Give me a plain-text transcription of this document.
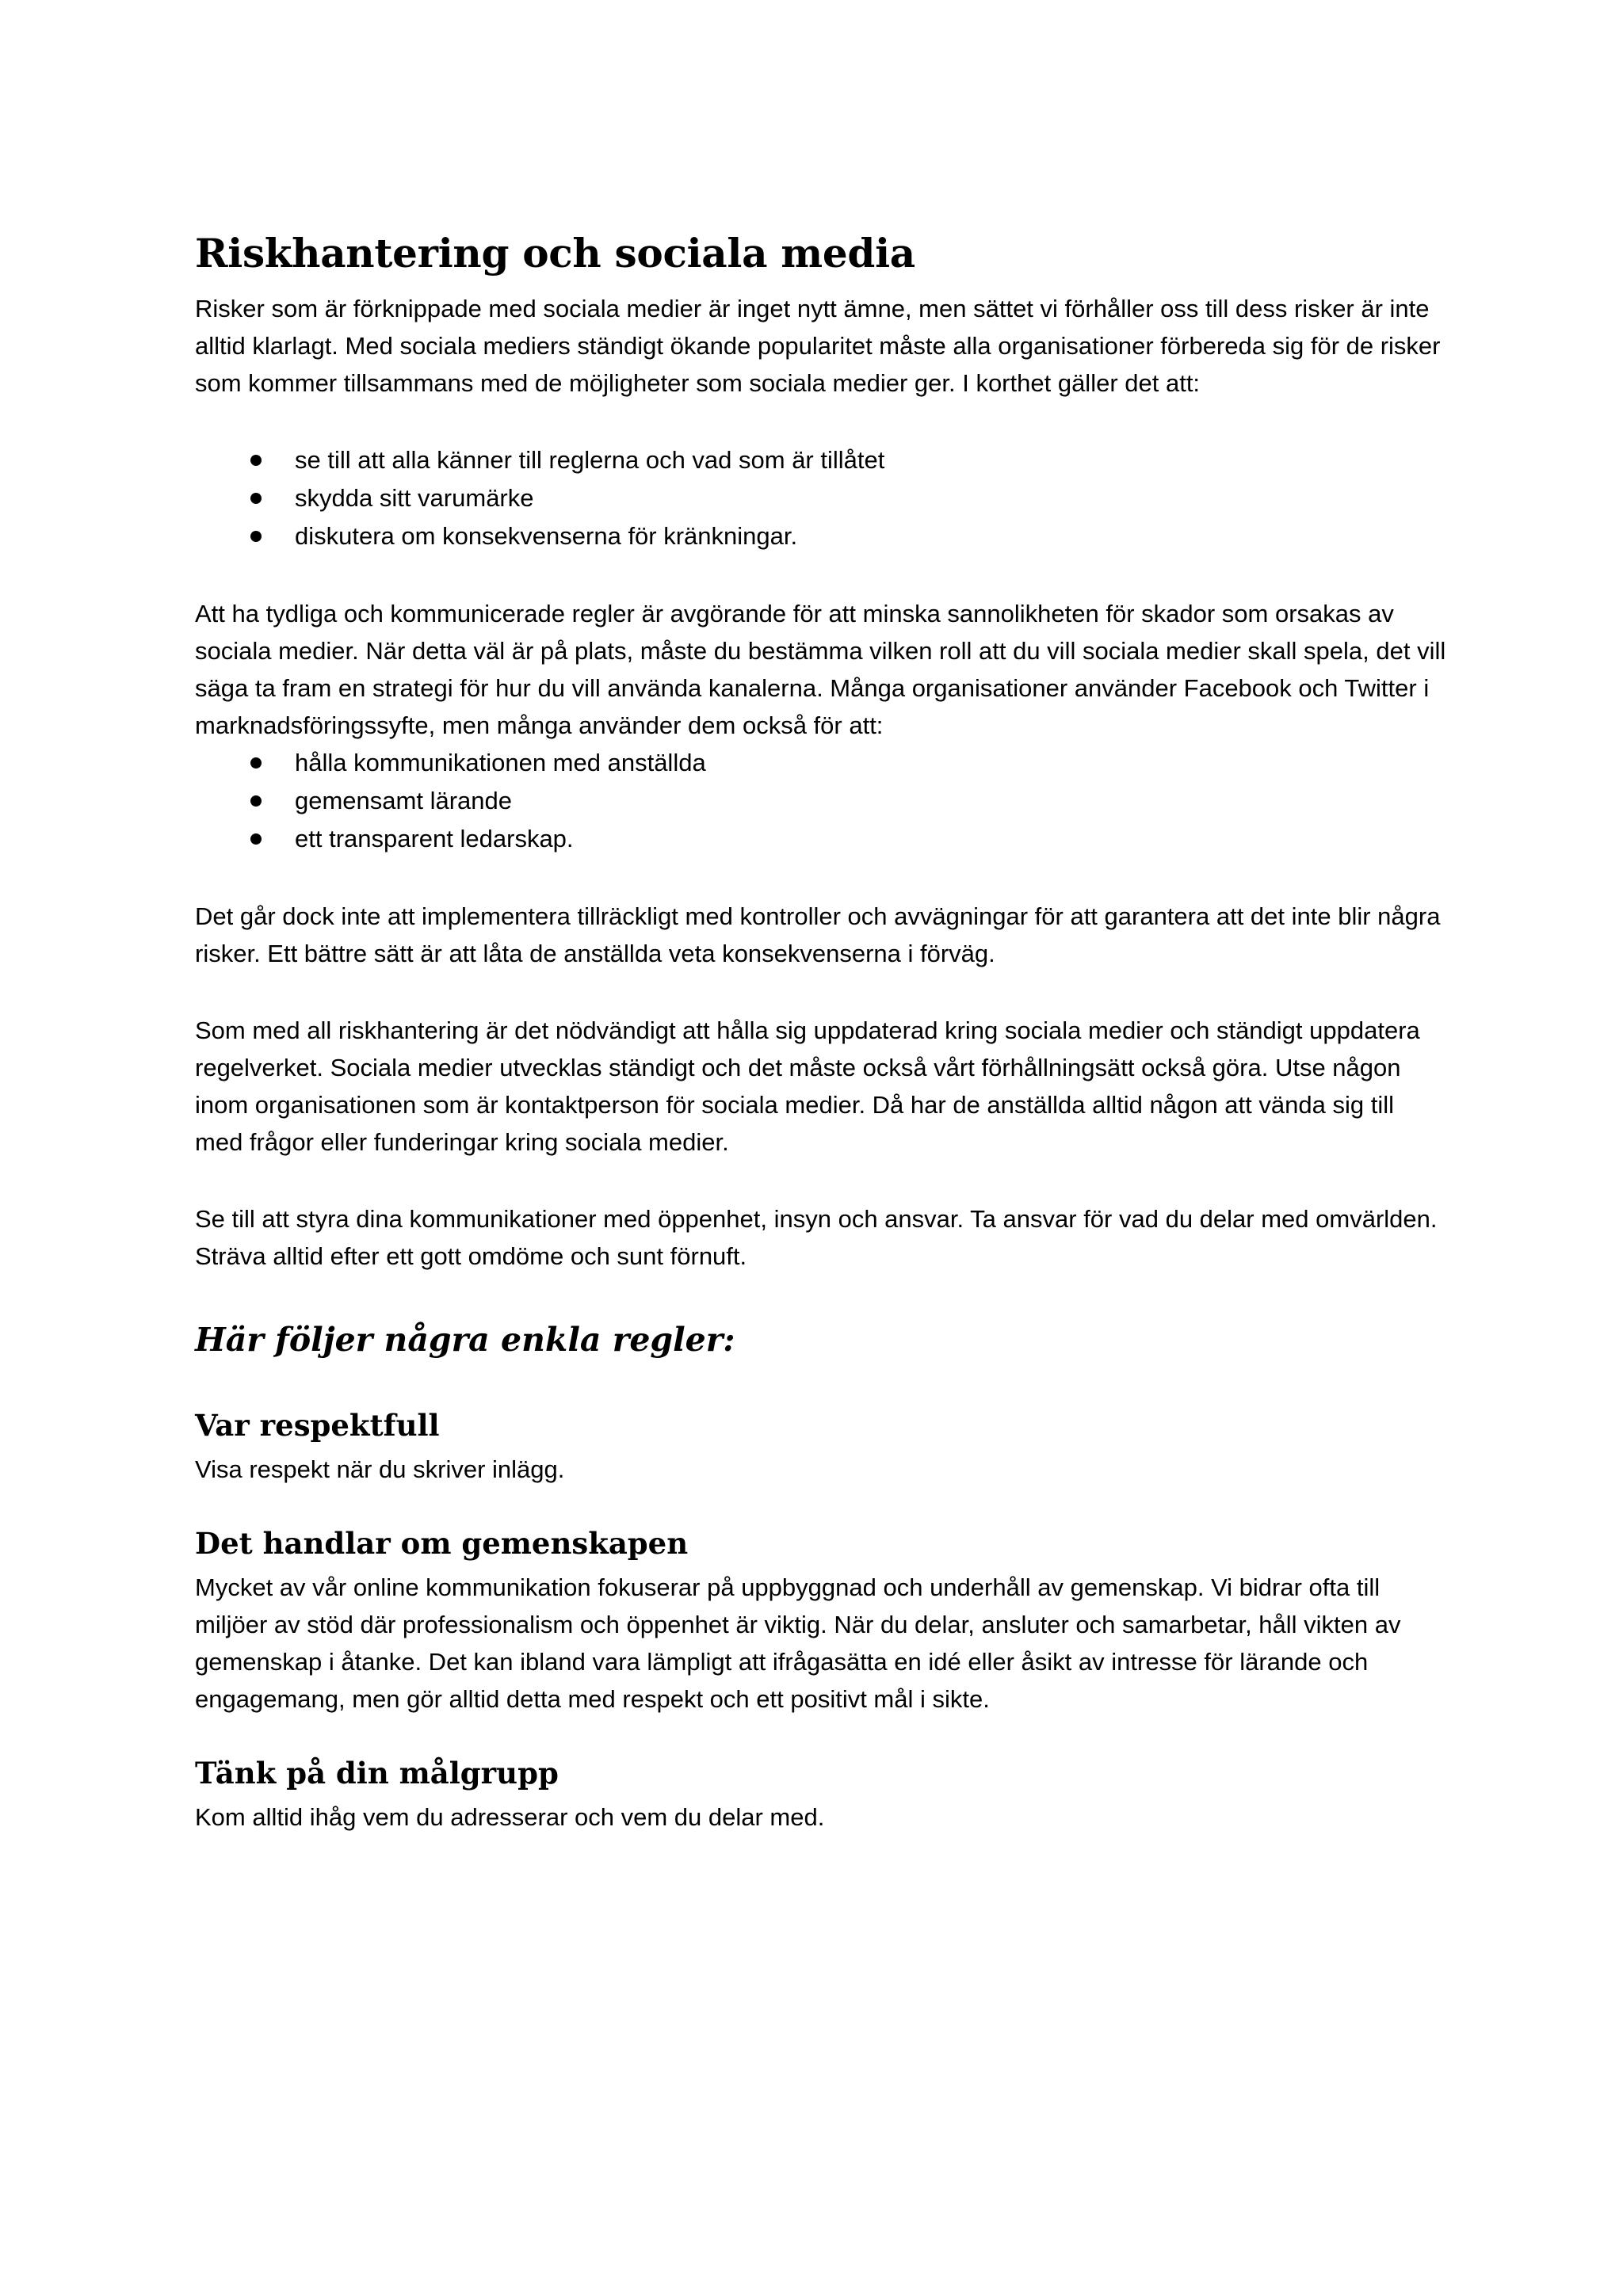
Riskhantering och sociala media

Risker som är förknippade med sociala medier är inget nytt ämne, men sättet vi förhåller oss till dess risker är inte alltid klarlagt. Med sociala mediers ständigt ökande popularitet måste alla organisationer förbereda sig för de risker som kommer tillsammans med de möjligheter som sociala medier ger. I korthet gäller det att:

se till att alla känner till reglerna och vad som är tillåtet
skydda sitt varumärke
diskutera om konsekvenserna för kränkningar.

Att ha tydliga och kommunicerade regler är avgörande för att minska sannolikheten för skador som orsakas av sociala medier. När detta väl är på plats, måste du bestämma vilken roll att du vill sociala medier skall spela, det vill säga ta fram en strategi för hur du vill använda kanalerna. Många organisationer använder Facebook och Twitter i marknadsföringssyfte, men många använder dem också för att:

hålla kommunikationen med anställda
gemensamt lärande
ett transparent ledarskap.

Det går dock inte att implementera tillräckligt med kontroller och avvägningar för att garantera att det inte blir några risker. Ett bättre sätt är att låta de anställda veta konsekvenserna i förväg.

Som med all riskhantering är det nödvändigt att hålla sig uppdaterad kring sociala medier och ständigt uppdatera regelverket. Sociala medier utvecklas ständigt och det måste också vårt förhållningsätt också göra. Utse någon inom organisationen som är kontaktperson för sociala medier. Då har de anställda alltid någon att vända sig till med frågor eller funderingar kring sociala medier.

Se till att styra dina kommunikationer med öppenhet, insyn och ansvar. Ta ansvar för vad du delar med omvärlden. Sträva alltid efter ett gott omdöme och sunt förnuft.

Här följer några enkla regler:
Var respektfull

Visa respekt när du skriver inlägg.

Det handlar om gemenskapen

Mycket av vår online kommunikation fokuserar på uppbyggnad och underhåll av gemenskap. Vi bidrar ofta till miljöer av stöd där professionalism och öppenhet är viktig. När du delar, ansluter och samarbetar, håll vikten av gemenskap i åtanke. Det kan ibland vara lämpligt att ifrågasätta en idé eller åsikt av intresse för lärande och engagemang, men gör alltid detta med respekt och ett positivt mål i sikte.

Tänk på din målgrupp

Kom alltid ihåg vem du adresserar och vem du delar med.
